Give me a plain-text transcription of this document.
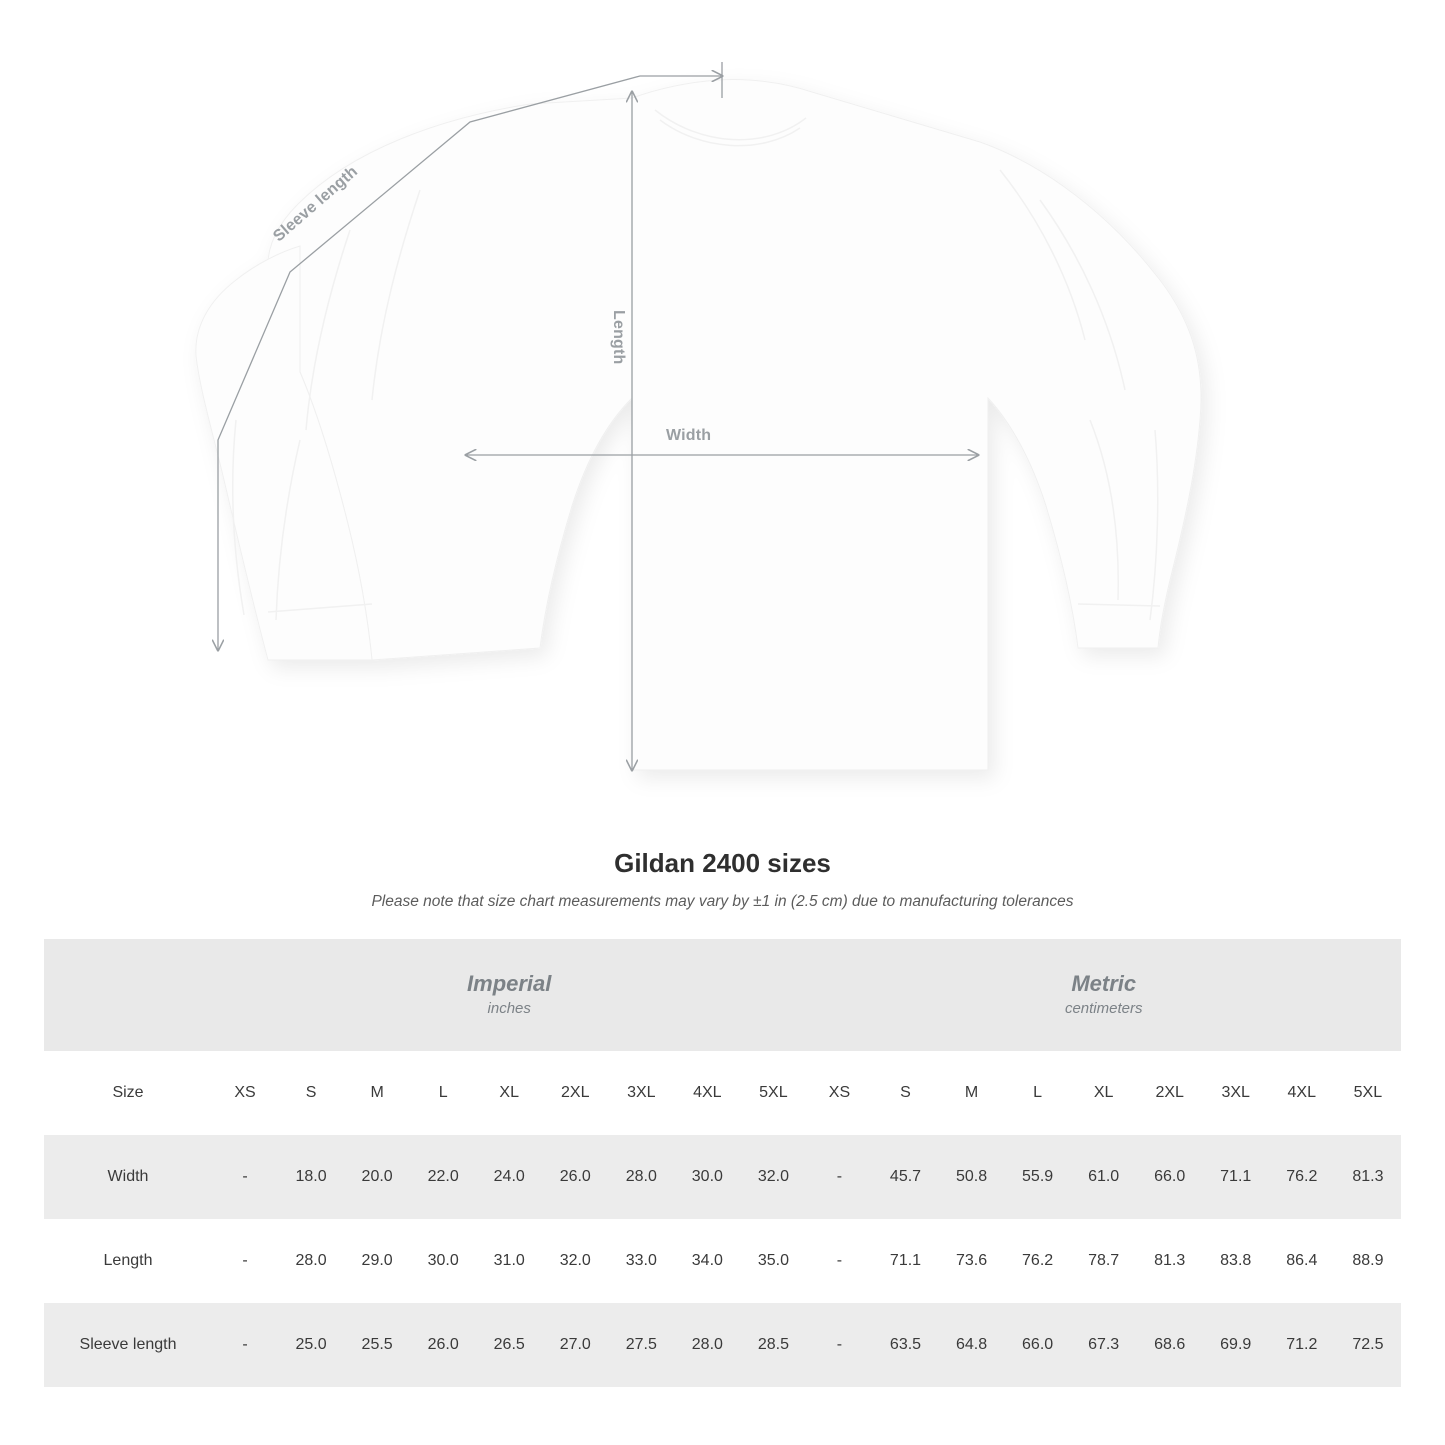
Width
Length
Sleeve length
Gildan 2400 sizes

Please note that size chart measurements may vary by ±1 in (2.5 cm) due to manufacturing tolerances

Imperial
inches

Metric
centimeters

Size	XS	S	M	L	XL	2XL	3XL	4XL	5XL	XS	S	M	L	XL	2XL	3XL	4XL	5XL
Width	-	18.0	20.0	22.0	24.0	26.0	28.0	30.0	32.0	-	45.7	50.8	55.9	61.0	66.0	71.1	76.2	81.3
Length	-	28.0	29.0	30.0	31.0	32.0	33.0	34.0	35.0	-	71.1	73.6	76.2	78.7	81.3	83.8	86.4	88.9
Sleeve length	-	25.0	25.5	26.0	26.5	27.0	27.5	28.0	28.5	-	63.5	64.8	66.0	67.3	68.6	69.9	71.2	72.5
